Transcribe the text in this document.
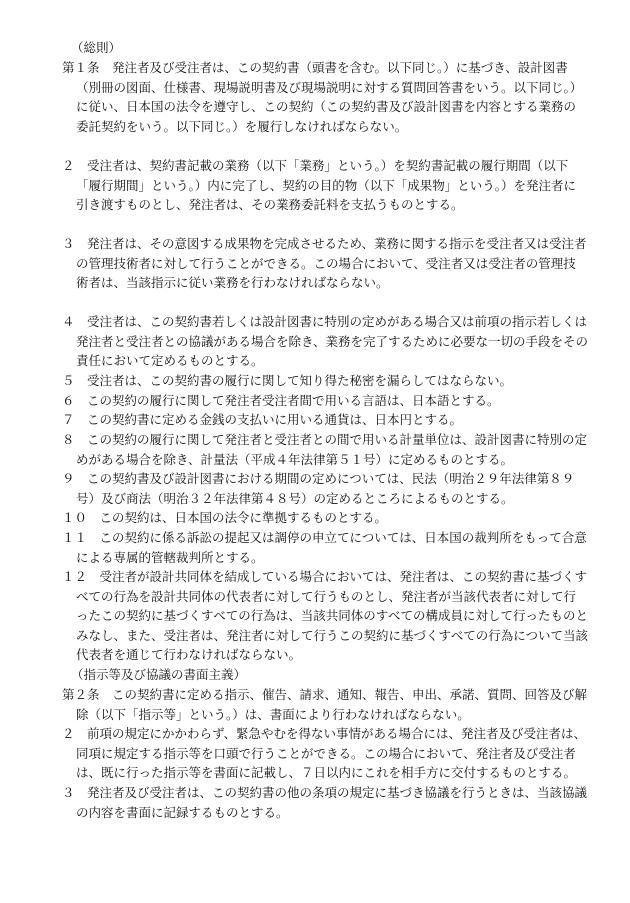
（総則）
第１条　発注者及び受注者は、この契約書（頭書を含む。以下同じ。）に基づき、設計図書（別冊の図面、仕様書、現場説明書及び現場説明に対する質問回答書をいう。以下同じ。）に従い、日本国の法令を遵守し、この契約（この契約書及び設計図書を内容とする業務の委託契約をいう。以下同じ。）を履行しなければならない。
２　受注者は、契約書記載の業務（以下「業務」という。）を契約書記載の履行期間（以下「履行期間」という。）内に完了し、契約の目的物（以下「成果物」という。）を発注者に引き渡すものとし、発注者は、その業務委託料を支払うものとする。
３　発注者は、その意図する成果物を完成させるため、業務に関する指示を受注者又は受注者の管理技術者に対して行うことができる。この場合において、受注者又は受注者の管理技術者は、当該指示に従い業務を行わなければならない。
４　受注者は、この契約書若しくは設計図書に特別の定めがある場合又は前項の指示若しくは発注者と受注者との協議がある場合を除き、業務を完了するために必要な一切の手段をその責任において定めるものとする。
５　受注者は、この契約書の履行に関して知り得た秘密を漏らしてはならない。
６　この契約の履行に関して発注者受注者間で用いる言語は、日本語とする。
７　この契約書に定める金銭の支払いに用いる通貨は、日本円とする。
８　この契約の履行に関して発注者と受注者との間で用いる計量単位は、設計図書に特別の定めがある場合を除き、計量法（平成４年法律第５１号）に定めるものとする。
９　この契約書及び設計図書における期間の定めについては、民法（明治２９年法律第８９号）及び商法（明治３２年法律第４８号）の定めるところによるものとする。
１０　この契約は、日本国の法令に準拠するものとする。
１１　この契約に係る訴訟の提起又は調停の申立てについては、日本国の裁判所をもって合意による専属的管轄裁判所とする。
１２　受注者が設計共同体を結成している場合においては、発注者は、この契約書に基づくすべての行為を設計共同体の代表者に対して行うものとし、発注者が当該代表者に対して行ったこの契約に基づくすべての行為は、当該共同体のすべての構成員に対して行ったものとみなし、また、受注者は、発注者に対して行うこの契約に基づくすべての行為について当該代表者を通じて行わなければならない。
（指示等及び協議の書面主義）
第２条　この契約書に定める指示、催告、請求、通知、報告、申出、承諾、質問、回答及び解除（以下「指示等」という。）は、書面により行わなければならない。
２　前項の規定にかかわらず、緊急やむを得ない事情がある場合には、発注者及び受注者は、同項に規定する指示等を口頭で行うことができる。この場合において、発注者及び受注者は、既に行った指示等を書面に記載し、７日以内にこれを相手方に交付するものとする。
３　発注者及び受注者は、この契約書の他の条項の規定に基づき協議を行うときは、当該協議の内容を書面に記録するものとする。
